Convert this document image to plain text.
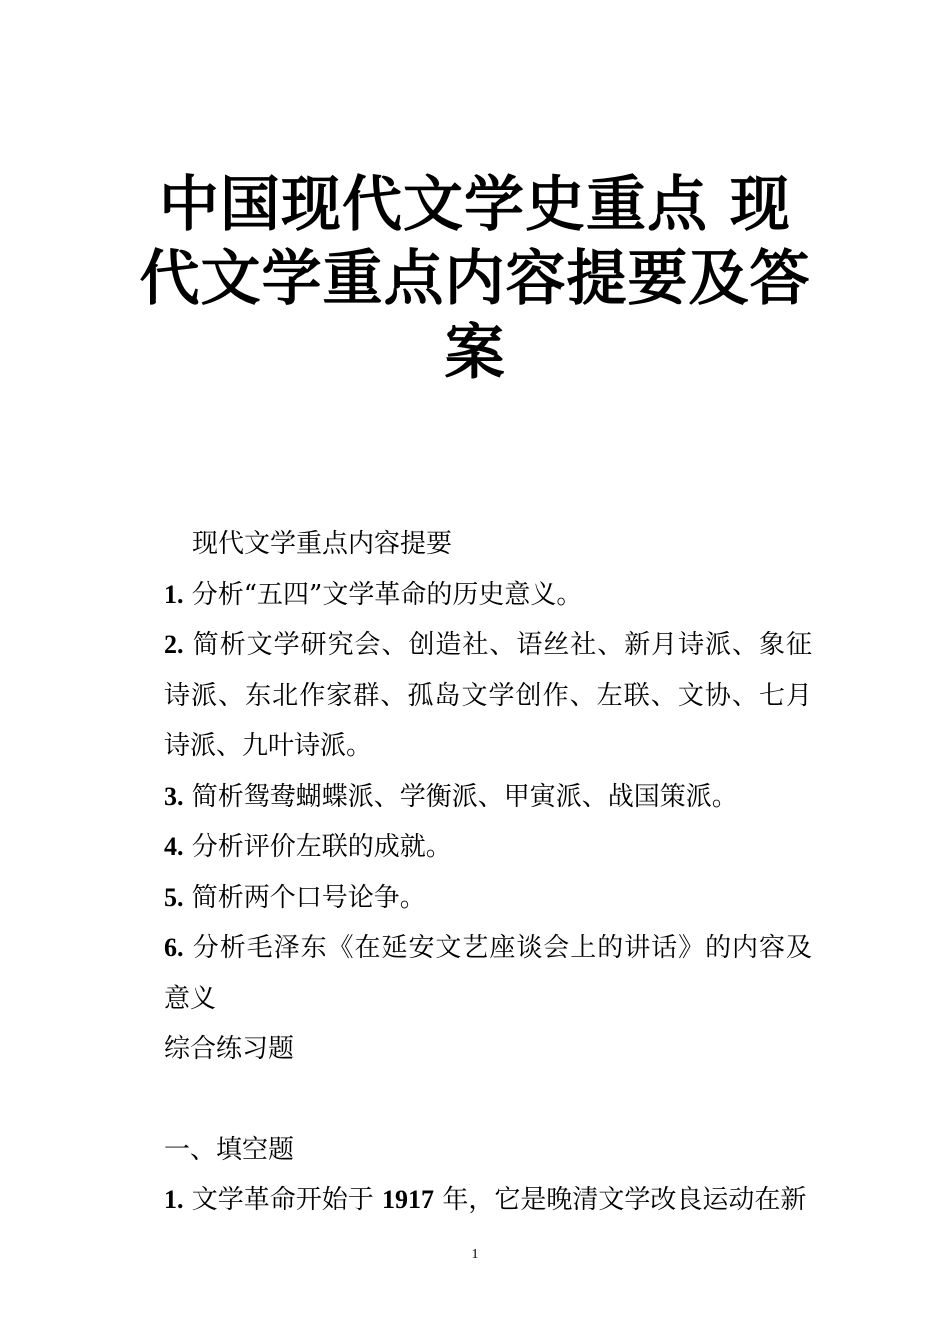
中国现代文学史重点 现代文学重点内容提要及答案

现代文学重点内容提要

1. 分析“五四”文学革命的历史意义。

2. 简析文学研究会、创造社、语丝社、新月诗派、象征诗派、东北作家群、孤岛文学创作、左联、文协、七月诗派、九叶诗派。

3. 简析鸳鸯蝴蝶派、学衡派、甲寅派、战国策派。

4. 分析评价左联的成就。

5. 简析两个口号论争。

6. 分析毛泽东《在延安文艺座谈会上的讲话》的内容及意义

综合练习题

一、填空题

1. 文学革命开始于 1917 年，它是晚清文学改良运动在新

1
